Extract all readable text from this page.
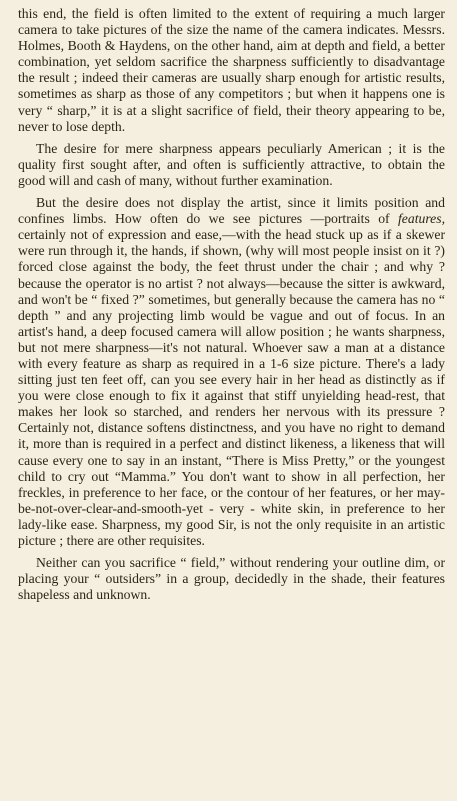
this end, the field is often limited to the extent of requiring a much larger camera to take pictures of the size the name of the camera indicates. Messrs. Holmes, Booth & Haydens, on the other hand, aim at depth and field, a better combination, yet seldom sacrifice the sharpness sufficiently to disadvantage the result ; indeed their cameras are usually sharp enough for artistic results, sometimes as sharp as those of any competitors ; but when it happens one is very “ sharp,” it is at a slight sacrifice of field, their theory appearing to be, never to lose depth.

The desire for mere sharpness appears peculiarly American ; it is the quality first sought after, and often is sufficiently attractive, to obtain the good will and cash of many, without further examination.

But the desire does not display the artist, since it limits position and confines limbs. How often do we see pictures —portraits of features, certainly not of expression and ease,—with the head stuck up as if a skewer were run through it, the hands, if shown, (why will most people insist on it ?) forced close against the body, the feet thrust under the chair ; and why ? because the operator is no artist ? not always—because the sitter is awkward, and won't be “ fixed ?” sometimes, but generally because the camera has no “ depth ” and any projecting limb would be vague and out of focus. In an artist's hand, a deep focused camera will allow position ; he wants sharpness, but not mere sharpness—it's not natural. Whoever saw a man at a distance with every feature as sharp as required in a 1-6 size picture. There's a lady sitting just ten feet off, can you see every hair in her head as distinctly as if you were close enough to fix it against that stiff unyielding head-rest, that makes her look so starched, and renders her nervous with its pressure ? Certainly not, distance softens distinctness, and you have no right to demand it, more than is required in a perfect and distinct likeness, a likeness that will cause every one to say in an instant, “There is Miss Pretty,” or the youngest child to cry out “Mamma.” You don't want to show in all perfection, her freckles, in preference to her face, or the contour of her features, or her may-be-not-over-clear-and-smooth-yet - very - white skin, in preference to her lady-like ease. Sharpness, my good Sir, is not the only requisite in an artistic picture ; there are other requisites.

Neither can you sacrifice “ field,” without rendering your outline dim, or placing your “ outsiders” in a group, decidedly in the shade, their features shapeless and unknown.
